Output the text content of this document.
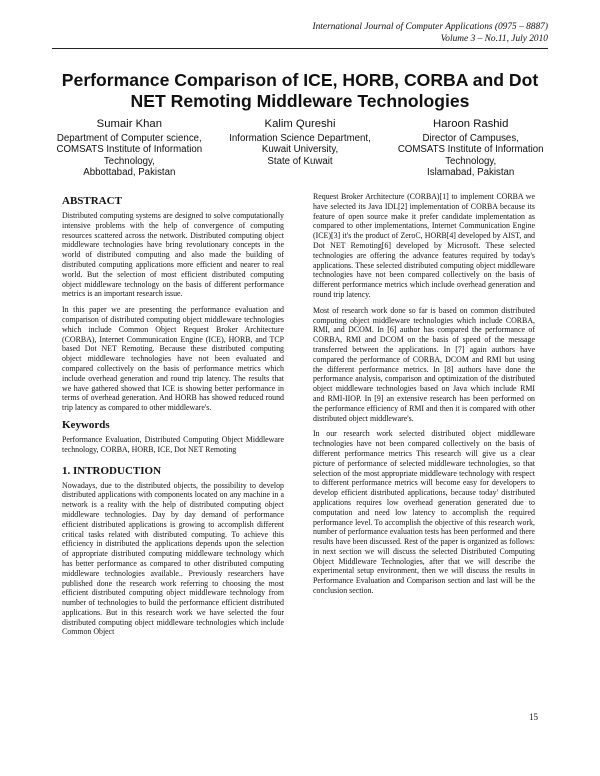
International Journal of Computer Applications (0975 – 8887)
Volume 3 – No.11, July 2010
Performance Comparison of ICE, HORB, CORBA and Dot
NET Remoting Middleware Technologies
Sumair Khan
Department of Computer science,
COMSATS Institute of Information
Technology,
Abbottabad, Pakistan
Kalim Qureshi
Information Science Department,
Kuwait University,
State of Kuwait
Haroon Rashid
Director of Campuses,
COMSATS Institute of Information
Technology,
Islamabad, Pakistan
ABSTRACT

Distributed computing systems are designed to solve computationally intensive problems with the help of convergence of computing resources scattered across the network. Distributed computing object middleware technologies have bring revolutionary concepts in the world of distributed computing and also made the building of distributed computing applications more efficient and nearer to real world. But the selection of most efficient distributed computing object middleware technology on the basis of different performance metrics is an important research issue.

In this paper we are presenting the performance evaluation and comparison of distributed computing object middleware technologies which include Common Object Request Broker Architecture (CORBA), Internet Communication Engine (ICE), HORB, and TCP based Dot NET Remoting. Because these distributed computing object middleware technologies have not been evaluated and compared collectively on the basis of performance metrics which include overhead generation and round trip latency. The results that we have gathered showed that ICE is showing better performance in terms of overhead generation. And HORB has showed reduced round trip latency as compared to other middleware's.

Keywords

Performance Evaluation, Distributed Computing Object Middleware technology, CORBA, HORB, ICE, Dot NET Remoting

1. INTRODUCTION

Nowadays, due to the distributed objects, the possibility to develop distributed applications with components located on any machine in a network is a reality with the help of distributed computing object middleware technologies. Day by day demand of performance efficient distributed applications is growing to accomplish different critical tasks related with distributed computing. To achieve this efficiency in distributed the applications depends upon the selection of appropriate distributed computing middleware technology which has better performance as compared to other distributed computing middleware technologies available.. Previously researchers have published done the research work referring to choosing the most efficient distributed computing object middleware technology from number of technologies to build the performance efficient distributed applications. But in this research work we have selected the four distributed computing object middleware technologies which include Common Object

Request Broker Architecture (CORBA)[1] to implement CORBA we have selected its Java IDL[2] implementation of CORBA because its feature of open source make it prefer candidate implementation as compared to other implementations, Internet Communication Engine (ICE)[3] it's the product of ZeroC, HORB[4] developed by AIST, and Dot NET Remoting[6] developed by Microsoft. These selected technologies are offering the advance features required by today's applications. These selected distributed computing object middleware technologies have not been compared collectively on the basis of different performance metrics which include overhead generation and round trip latency.

Most of research work done so far is based on common distributed computing object middleware technologies which include CORBA, RMI, and DCOM. In [6] author has compared the performance of CORBA, RMI and DCOM on the basis of speed of the message transferred between the applications. In [7] again authors have compared the performance of CORBA, DCOM and RMI but using the different performance metrics. In [8] authors have done the performance analysis, comparison and optimization of the distributed object middleware technologies based on Java which include RMI and RMI-IIOP. In [9] an extensive research has been performed on the performance efficiency of RMI and then it is compared with other distributed object middleware's.

In our research work selected distributed object middleware technologies have not been compared collectively on the basis of different performance metrics This research will give us a clear picture of performance of selected middleware technologies, so that selection of the most appropriate middleware technology with respect to different performance metrics will become easy for developers to develop efficient distributed applications, because today' distributed applications requires low overhead generation generated due to computation and need low latency to accomplish the required performance level. To accomplish the objective of this research work, number of performance evaluation tests has been performed and there results have been discussed. Rest of the paper is organized as follows: in next section we will discuss the selected Distributed Computing Object Middleware Technologies, after that we will describe the experimental setup environment, then we will discuss the results in Performance Evaluation and Comparison section and last will be the conclusion section.

15
